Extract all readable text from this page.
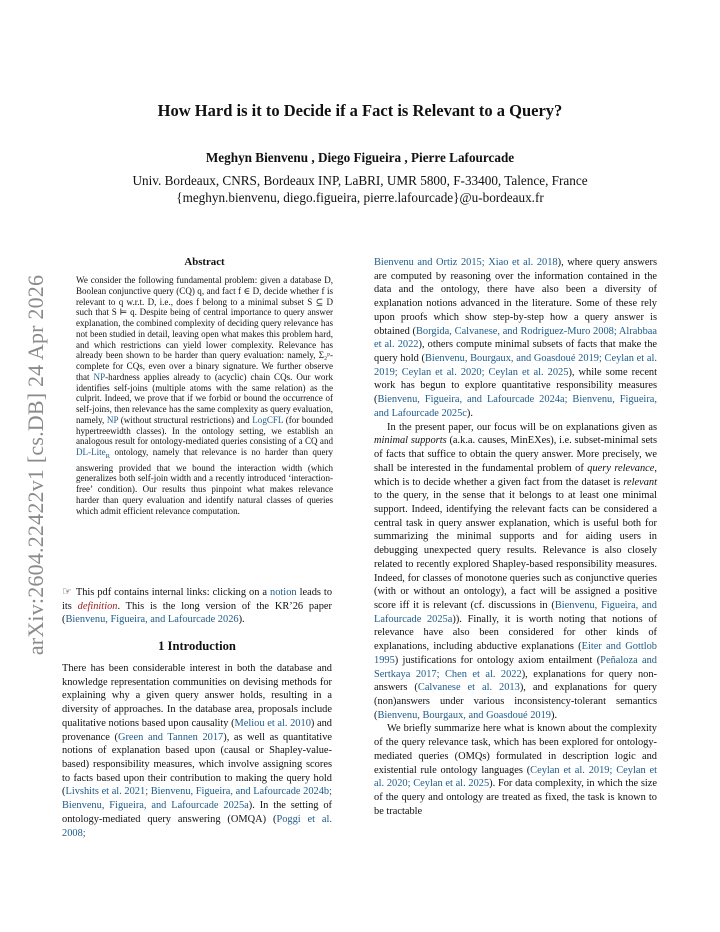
arXiv:2604.22422v1 [cs.DB] 24 Apr 2026
How Hard is it to Decide if a Fact is Relevant to a Query?
Meghyn Bienvenu , Diego Figueira , Pierre Lafourcade
Univ. Bordeaux, CNRS, Bordeaux INP, LaBRI, UMR 5800, F-33400, Talence, France
{meghyn.bienvenu, diego.figueira, pierre.lafourcade}@u-bordeaux.fr
Abstract
We consider the following fundamental problem: given a database D, Boolean conjunctive query (CQ) q, and fact f ∈ D, decide whether f is relevant to q w.r.t. D, i.e., does f belong to a minimal subset S ⊆ D such that S ⊨ q. Despite being of central importance to query answer explanation, the combined complexity of deciding query relevance has not been studied in detail, leaving open what makes this problem hard, and which restrictions can yield lower complexity. Relevance has already been shown to be harder than query evaluation: namely, Σ₂ᵖ-complete for CQs, even over a binary signature. We further observe that NP-hardness applies already to (acyclic) chain CQs. Our work identifies self-joins (multiple atoms with the same relation) as the culprit. Indeed, we prove that if we forbid or bound the occurrence of self-joins, then relevance has the same complexity as query evaluation, namely, NP (without structural restrictions) and LogCFL (for bounded hypertreewidth classes). In the ontology setting, we establish an analogous result for ontology-mediated queries consisting of a CQ and DL-Lite$_R$ ontology, namely that relevance is no harder than query answering provided that we bound the interaction width (which generalizes both self-join width and a recently introduced ‘interaction-free’ condition). Our results thus pinpoint what makes relevance harder than query evaluation and identify natural classes of queries which admit efficient relevance computation.
☞ This pdf contains internal links: clicking on a notion leads to its definition. This is the long version of the KR’26 paper (Bienvenu, Figueira, and Lafourcade 2026).
1 Introduction

There has been considerable interest in both the database and knowledge representation communities on devising methods for explaining why a given query answer holds, resulting in a diversity of approaches. In the database area, proposals include qualitative notions based upon causality (Meliou et al. 2010) and provenance (Green and Tannen 2017), as well as quantitative notions of explanation based upon (causal or Shapley-value-based) responsibility measures, which involve assigning scores to facts based upon their contribution to making the query hold (Livshits et al. 2021; Bienvenu, Figueira, and Lafourcade 2024b; Bienvenu, Figueira, and Lafourcade 2025a). In the setting of ontology-mediated query answering (OMQA) (Poggi et al. 2008;

Bienvenu and Ortiz 2015; Xiao et al. 2018), where query answers are computed by reasoning over the information contained in the data and the ontology, there have also been a diversity of explanation notions advanced in the literature. Some of these rely upon proofs which show step-by-step how a query answer is obtained (Borgida, Calvanese, and Rodriguez-Muro 2008; Alrabbaa et al. 2022), others compute minimal subsets of facts that make the query hold (Bienvenu, Bourgaux, and Goasdoué 2019; Ceylan et al. 2019; Ceylan et al. 2020; Ceylan et al. 2025), while some recent work has begun to explore quantitative responsibility measures (Bienvenu, Figueira, and Lafourcade 2024a; Bienvenu, Figueira, and Lafourcade 2025c).

In the present paper, our focus will be on explanations given as minimal supports (a.k.a. causes, MinEXes), i.e. subset-minimal sets of facts that suffice to obtain the query answer. More precisely, we shall be interested in the fundamental problem of query relevance, which is to decide whether a given fact from the dataset is relevant to the query, in the sense that it belongs to at least one minimal support. Indeed, identifying the relevant facts can be considered a central task in query answer explanation, which is useful both for summarizing the minimal supports and for aiding users in debugging unexpected query results. Relevance is also closely related to recently explored Shapley-based responsibility measures. Indeed, for classes of monotone queries such as conjunctive queries (with or without an ontology), a fact will be assigned a positive score iff it is relevant (cf. discussions in (Bienvenu, Figueira, and Lafourcade 2025a)). Finally, it is worth noting that notions of relevance have also been considered for other kinds of explanations, including abductive explanations (Eiter and Gottlob 1995) justifications for ontology axiom entailment (Peñaloza and Sertkaya 2017; Chen et al. 2022), explanations for query non-answers (Calvanese et al. 2013), and explanations for query (non)answers under various inconsistency-tolerant semantics (Bienvenu, Bourgaux, and Goasdoué 2019).

We briefly summarize here what is known about the complexity of the query relevance task, which has been explored for ontology-mediated queries (OMQs) formulated in description logic and existential rule ontology languages (Ceylan et al. 2019; Ceylan et al. 2020; Ceylan et al. 2025). For data complexity, in which the size of the query and ontology are treated as fixed, the task is known to be tractable
